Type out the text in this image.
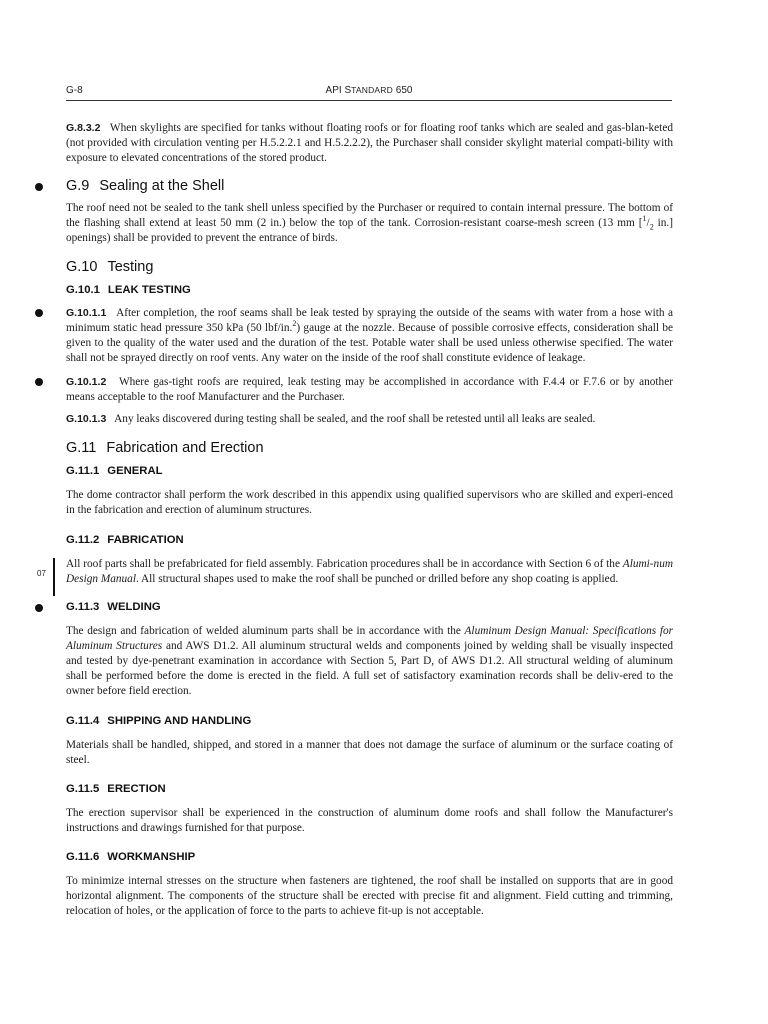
G-8	API STANDARD 650

G.8.3.2 When skylights are specified for tanks without floating roofs or for floating roof tanks which are sealed and gas-blan-keted (not provided with circulation venting per H.5.2.2.1 and H.5.2.2.2), the Purchaser shall consider skylight material compati-bility with exposure to elevated concentrations of the stored product.

G.9 Sealing at the Shell

The roof need not be sealed to the tank shell unless specified by the Purchaser or required to contain internal pressure. The bottom of the flashing shall extend at least 50 mm (2 in.) below the top of the tank. Corrosion-resistant coarse-mesh screen (13 mm [$^1/_2$ in.] openings) shall be provided to prevent the entrance of birds.

G.10 Testing
G.10.1 LEAK TESTING

G.10.1.1 After completion, the roof seams shall be leak tested by spraying the outside of the seams with water from a hose with a minimum static head pressure 350 kPa (50 lbf/in.$^2$) gauge at the nozzle. Because of possible corrosive effects, consideration shall be given to the quality of the water used and the duration of the test. Potable water shall be used unless otherwise specified. The water shall not be sprayed directly on roof vents. Any water on the inside of the roof shall constitute evidence of leakage.

G.10.1.2 Where gas-tight roofs are required, leak testing may be accomplished in accordance with F.4.4 or F.7.6 or by another means acceptable to the roof Manufacturer and the Purchaser.

G.10.1.3 Any leaks discovered during testing shall be sealed, and the roof shall be retested until all leaks are sealed.

G.11 Fabrication and Erection
G.11.1 GENERAL

The dome contractor shall perform the work described in this appendix using qualified supervisors who are skilled and experi-enced in the fabrication and erection of aluminum structures.

G.11.2 FABRICATION
07

All roof parts shall be prefabricated for field assembly. Fabrication procedures shall be in accordance with Section 6 of the Alumi-num Design Manual. All structural shapes used to make the roof shall be punched or drilled before any shop coating is applied.

G.11.3 WELDING

The design and fabrication of welded aluminum parts shall be in accordance with the Aluminum Design Manual: Specifications for Aluminum Structures and AWS D1.2. All aluminum structural welds and components joined by welding shall be visually inspected and tested by dye-penetrant examination in accordance with Section 5, Part D, of AWS D1.2. All structural welding of aluminum shall be performed before the dome is erected in the field. A full set of satisfactory examination records shall be deliv-ered to the owner before field erection.

G.11.4 SHIPPING AND HANDLING

Materials shall be handled, shipped, and stored in a manner that does not damage the surface of aluminum or the surface coating of steel.

G.11.5 ERECTION

The erection supervisor shall be experienced in the construction of aluminum dome roofs and shall follow the Manufacturer's instructions and drawings furnished for that purpose.

G.11.6 WORKMANSHIP

To minimize internal stresses on the structure when fasteners are tightened, the roof shall be installed on supports that are in good horizontal alignment. The components of the structure shall be erected with precise fit and alignment. Field cutting and trimming, relocation of holes, or the application of force to the parts to achieve fit-up is not acceptable.
